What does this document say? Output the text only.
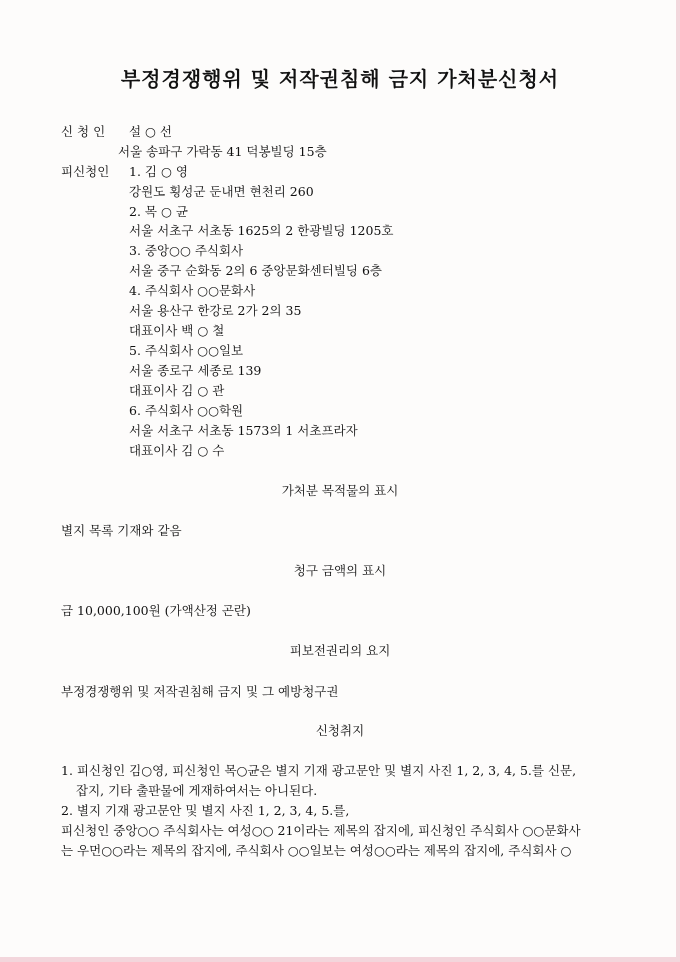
부정경쟁행위 및 저작권침해 금지 가처분신청서
신 청 인 설 ○ 선
서울 송파구 가락동 41 덕봉빌딩 15층
피신청인 1. 김 ○ 영
강원도 횡성군 둔내면 현천리 260
2. 목 ○ 균
서울 서초구 서초동 1625의 2 한광빌딩 1205호
3. 중앙○○ 주식회사
서울 중구 순화동 2의 6 중앙문화센터빌딩 6층
4. 주식회사 ○○문화사
서울 용산구 한강로 2가 2의 35
대표이사 백 ○ 철
5. 주식회사 ○○일보
서울 종로구 세종로 139
대표이사 김 ○ 관
6. 주식회사 ○○학원
서울 서초구 서초동 1573의 1 서초프라자
대표이사 김 ○ 수
가처분 목적물의 표시
별지 목록 기재와 같음
청구 금액의 표시
금 10,000,100원 (가액산정 곤란)
피보전권리의 요지
부정경쟁행위 및 저작권침해 금지 및 그 예방청구권
신청취지
1. 피신청인 김○영, 피신청인 목○균은 별지 기재 광고문안 및 별지 사진 1, 2, 3, 4, 5.를 신문,
잡지, 기타 출판물에 게재하여서는 아니된다.
2. 별지 기재 광고문안 및 별지 사진 1, 2, 3, 4, 5.를,
피신청인 중앙○○ 주식회사는 여성○○ 21이라는 제목의 잡지에, 피신청인 주식회사 ○○문화사
는 우먼○○라는 제목의 잡지에, 주식회사 ○○일보는 여성○○라는 제목의 잡지에, 주식회사 ○
